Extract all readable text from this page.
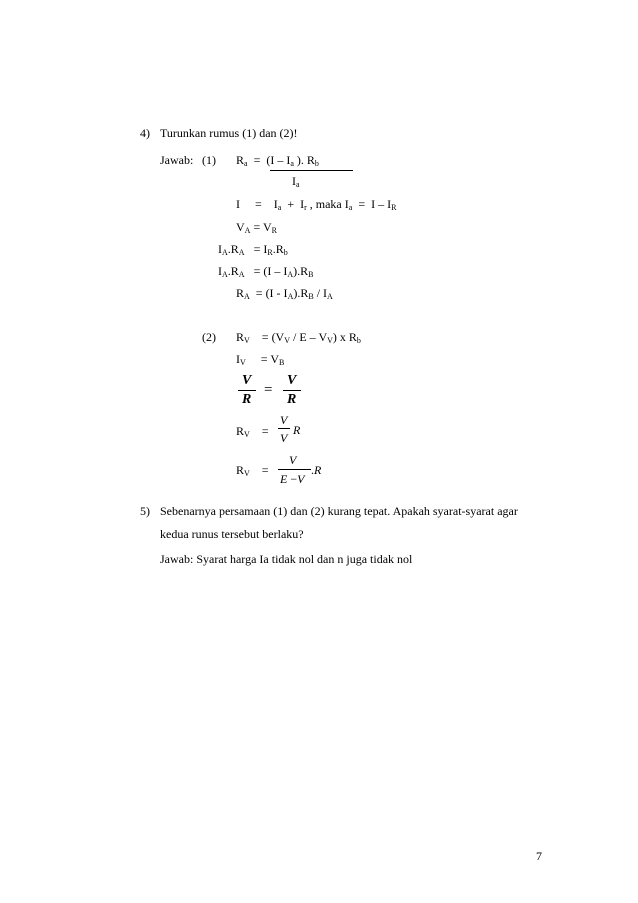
4) Turunkan rumus (1) dan (2)!
Jawab: (1) $R_a = (I - I_a$ ). $R_b$
$I_a$
I     =    $I_a + I_r$ , maka $I_a = I - I_R$
$V_A = V_R$
$I_A.R_A = I_R.R_b$
$I_A.R_A = (I - I_A).R_B$
$R_A = (I - I_A).R_B / I_A$
(2) $R_V$    = ($V_V$ / E – $V_V$) x $R_b$
$I_V$     = $V_B$
V
R
=
V
R
$R_V$    =
V
V
R
$R_V$    =
V
E −V
.R
5) Sebenarnya persamaan (1) dan (2) kurang tepat. Apakah syarat-syarat agar
kedua runus tersebut berlaku?
Jawab: Syarat harga Ia tidak nol dan n juga tidak nol
7
